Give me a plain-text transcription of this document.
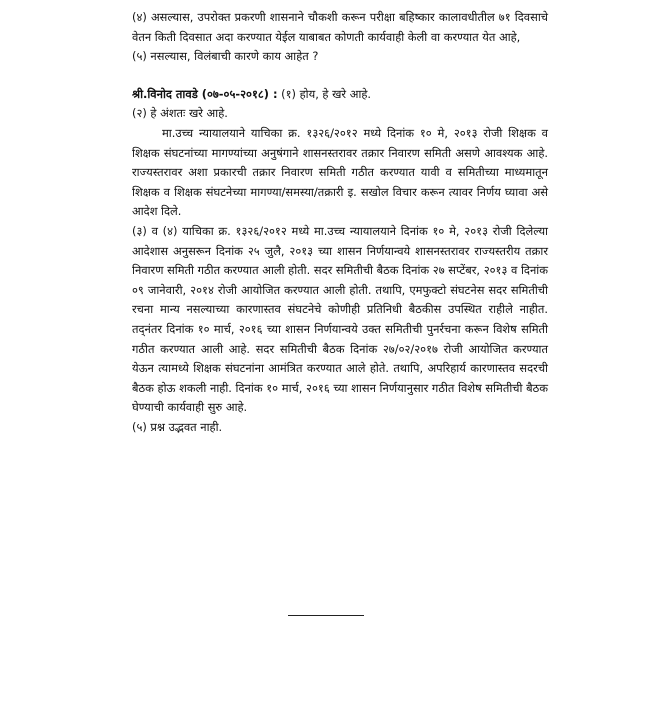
(४) असल्यास, उपरोक्त प्रकरणी शासनाने चौकशी करून परीक्षा बहिष्कार कालावधीतील ७१ दिवसाचे वेतन किती दिवसात अदा करण्यात येईल याबाबत कोणती कार्यवाही केली वा करण्यात येत आहे,

(५) नसल्यास, विलंबाची कारणे काय आहेत ?

श्री.विनोद तावडे (०७-०५-२०१८) : (१) होय, हे खरे आहे.

(२) हे अंशतः खरे आहे.

मा.उच्च न्यायालयाने याचिका क्र. १३२६/२०१२ मध्ये दिनांक १० मे, २०१३ रोजी शिक्षक व शिक्षक संघटनांच्या मागण्यांच्या अनुषंगाने शासनस्तरावर तक्रार निवारण समिती असणे आवश्यक आहे. राज्यस्तरावर अशा प्रकारची तक्रार निवारण समिती गठीत करण्यात यावी व समितीच्या माध्यमातून शिक्षक व शिक्षक संघटनेच्या मागण्या/समस्या/तक्रारी इ. सखोल विचार करून त्यावर निर्णय घ्यावा असे आदेश दिले.

(३) व (४) याचिका क्र. १३२६/२०१२ मध्ये मा.उच्च न्यायालयाने दिनांक १० मे, २०१३ रोजी दिलेल्या आदेशास अनुसरून दिनांक २५ जुलै, २०१३ च्या शासन निर्णयान्वये शासनस्तरावर राज्यस्तरीय तक्रार निवारण समिती गठीत करण्यात आली होती. सदर समितीची बैठक दिनांक २७ सप्टेंबर, २०१३ व दिनांक ०९ जानेवारी, २०१४ रोजी आयोजित करण्यात आली होती. तथापि, एमफुक्टो संघटनेस सदर समितीची रचना मान्य नसल्याच्या कारणास्तव संघटनेचे कोणीही प्रतिनिधी बैठकीस उपस्थित राहीले नाहीत. तद्नंतर दिनांक १० मार्च, २०१६ च्या शासन निर्णयान्वये उक्त समितीची पुनर्रचना करून विशेष समिती गठीत करण्यात आली आहे. सदर समितीची बैठक दिनांक २७/०२/२०१७ रोजी आयोजित करण्यात येऊन त्यामध्ये शिक्षक संघटनांना आमंत्रित करण्यात आले होते. तथापि, अपरिहार्य कारणास्तव सदरची बैठक होऊ शकली नाही. दिनांक १० मार्च, २०१६ च्या शासन निर्णयानुसार गठीत विशेष समितीची बैठक घेण्याची कार्यवाही सुरु आहे.

(५) प्रश्न उद्भवत नाही.
